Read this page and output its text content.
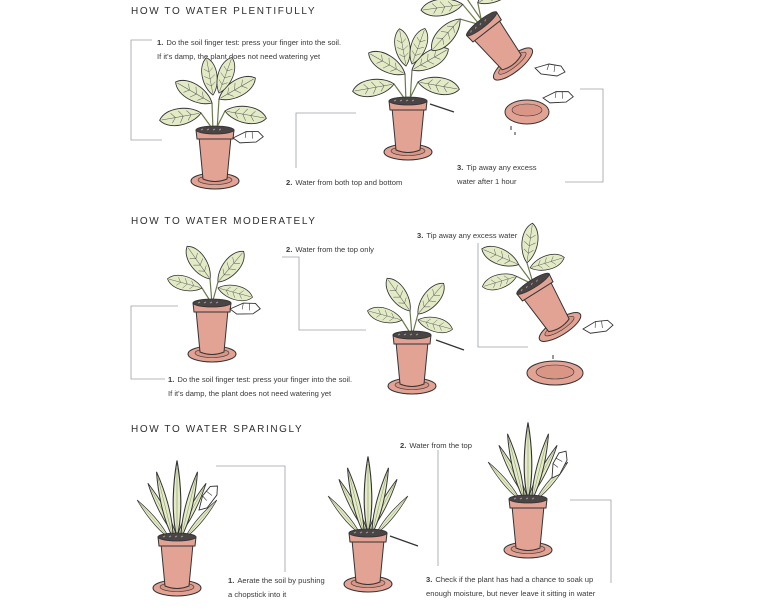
HOW TO WATER PLENTIFULLY
HOW TO WATER MODERATELY
HOW TO WATER SPARINGLY
1. Do the soil finger test: press your finger into the soil.
If it's damp, the plant does not need watering yet
2. Water from both top and bottom
3. Tip away any excess
water after 1 hour
1. Do the soil finger test: press your finger into the soil.
If it's damp, the plant does not need watering yet
2. Water from the top only
3. Tip away any excess water
1. Aerate the soil by pushing
a chopstick into it
2. Water from the top
3. Check if the plant has had a chance to soak up
enough moisture, but never leave it sitting in water
